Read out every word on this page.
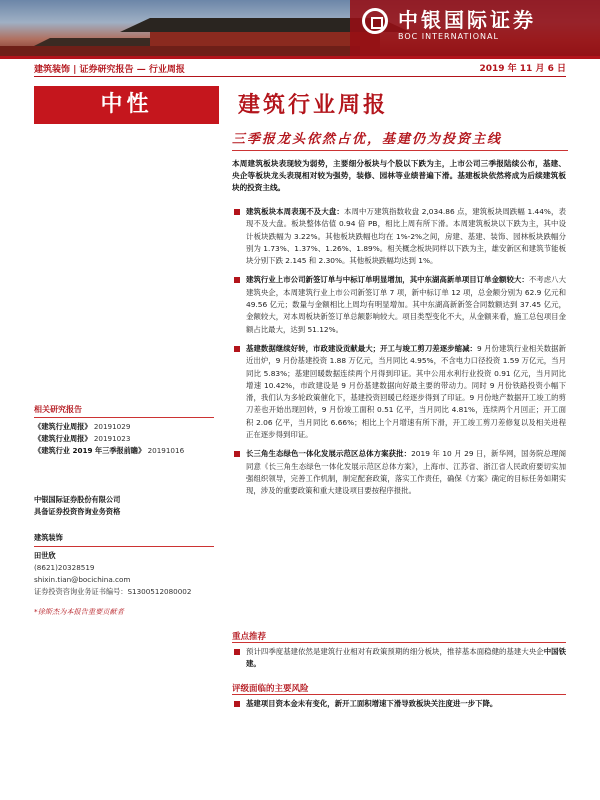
中银国际证券
BOC INTERNATIONAL
建筑装饰 | 证券研究报告 — 行业周报	2019 年 11 月 6 日
中性	建筑行业周报
三季报龙头依然占优，基建仍为投资主线
本周建筑板块表现较为弱势，主要细分板块与个股以下跌为主，上市公司三季报陆续公布，基建、央企等板块龙头表现相对较为强势，装修、园林等业绩普遍下滑。基建板块依然将成为后续建筑板块的投资主线。
建筑板块本周表现不及大盘：本周中万建筑指数收盘 2,034.86 点，建筑板块周跌幅 1.44%，表现不及大盘。板块整体估值 0.94 倍 PB，相比上周有所下滑。本周建筑板块以下跌为主，其中设计板块跌幅为 3.22%。其他板块跌幅也均在 1%-2%之间，房建、基建、装饰、园林板块跌幅分别为 1.73%、1.37%、1.26%、1.89%。相关概念板块同样以下跌为主，雄安新区和建筑节能板块分别下跌 2.145 和 2.30%。其他板块跌幅均达到 1%。
建筑行业上市公司新签订单与中标订单明显增加，其中东湖高新单项目订单金额较大：不考虑八大建筑央企，本周建筑行业上市公司新签订单 7 项，新中标订单 12 项，总金额分别为 62.9 亿元和 49.56 亿元；数量与金额相比上周均有明显增加。其中东湖高新新签合同数额达到 37.45 亿元，金额较大，对本周板块新签订单总额影响较大。项目类型变化不大，从金额来看，施工总包项目金额占比最大，达到 51.12%。
基建数据继续好转，市政建设贡献最大；开工与竣工剪刀差逐步缩减：9 月份建筑行业相关数据新近出炉，9 月份基建投资 1.88 万亿元，当月同比 4.95%，不含电力口径投资 1.59 万亿元，当月同比 5.83%；基建回暖数据连续两个月得到印证。其中公用水利行业投资 0.91 亿元，当月同比增速 10.42%，市政建设是 9 月份基建数据向好最主要的带动力。同时 9 月份铁路投资小幅下滑，我们认为多轮政策催化下，基建投资回暖已经逐步得到了印证。9 月份地产数据开工竣工的剪刀差也开始出现回转，9 月份竣工面积 0.51 亿平，当月同比 4.81%，连续两个月回正；开工面积 2.06 亿平，当月同比 6.66%；相比上个月增速有所下滑，开工竣工剪刀差修复以及相关进程正在逐步得到印证。
长三角生态绿色一体化发展示范区总体方案获批：2019 年 10 月 29 日，新华网，国务院总理阁同意《长三角生态绿色一体化发展示范区总体方案》，上海市、江苏省、浙江省人民政府要切实加强组织领导，完善工作机制，制定配套政策，落实工作责任，确保《方案》确定的目标任务如期实现，涉及的重要政策和重大建设项目要按程序报批。
重点推荐
预计四季度基建依然是建筑行业相对有政策预期的细分板块，推荐基本面稳健的基建大央企中国铁建。
评级面临的主要风险
基建项目资本金未有变化，新开工面积增速下滑导致板块关注度进一步下降。
相关研究报告
《建筑行业周报》 20191029
《建筑行业周报》 20191023
《建筑行业 2019 年三季报前瞻》 20191016
中银国际证券股份有限公司
具备证券投资咨询业务资格
建筑装饰
田世欣
(8621)20328519
shixin.tian@bocichina.com
证券投资咨询业务证书编号：S1300512080002
*徐斯杰为本报告重要贡献者
